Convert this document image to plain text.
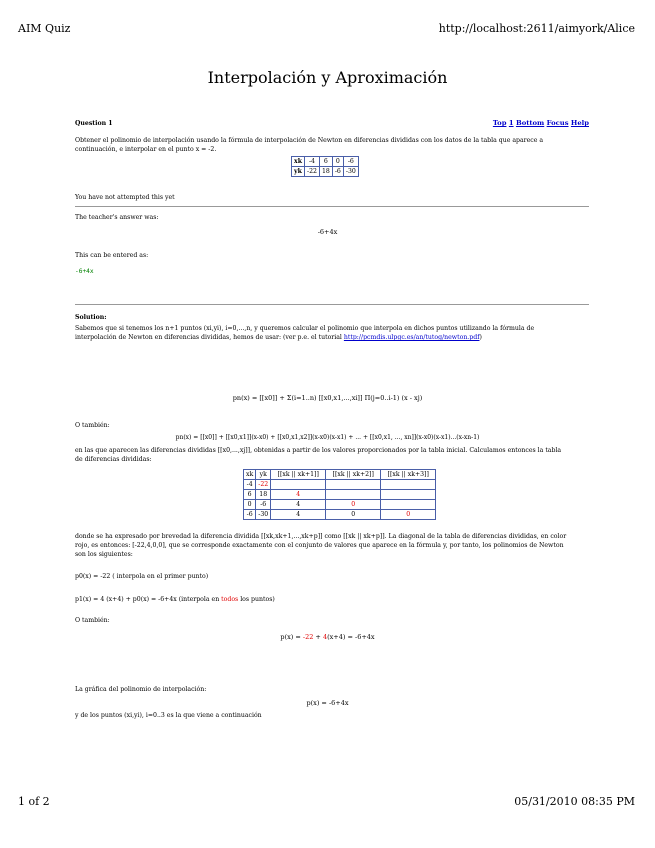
AIM Quiz	http://localhost:2611/aimyork/Alice
Interpolación y Aproximación
Question 1	Top 1 Bottom Focus Help
Obtener el polinomio de interpolación usando la fórmula de interpolación de Newton en diferencias divididas con los datos de la tabla que aparece a continuación, e interpolar en el punto x = -2.
xk	-4	6	0	-6
yk	-22	18	-6	-30
You have not attempted this yet
The teacher's answer was:
-6+4x
This can be entered as:
-6+4x
Solution:
Sabemos que si tenemos los n+1 puntos (xi,yi), i=0,...,n, y queremos calcular el polinomio que interpola en dichos puntos utilizando la fórmula de interpolación de Newton en diferencias divididas, hemos de usar: (ver p.e. el tutorial http://pcmdis.ulpgc.es/an/tutog/newton.pdf)
pn(x) = [[x0]] + Σ(i=1..n) [[x0,x1,...,xi]] Π(j=0..i-1) (x - xj)
O también:
pn(x) = [[x0]] + [[x0,x1]](x-x0) + [[x0,x1,x2]](x-x0)(x-x1) + ... + [[x0,x1, ..., xn]](x-x0)(x-x1)...(x-xn-1)
en las que aparecen las diferencias divididas [[x0,...,xj]], obtenidas a partir de los valores proporcionados por la tabla inicial. Calculamos entonces la tabla de diferencias divididas:
xk	yk	[[xk || xk+1]]	[[xk || xk+2]]	[[xk || xk+3]]
-4	-22			
6	18	4		
0	-6	4	0	
-6	-30	4	0	0
donde se ha expresado por brevedad la diferencia dividida [[xk,xk+1,...,xk+p]] como [[xk || xk+p]]. La diagonal de la tabla de diferencias divididas, en color rojo, es entonces: [-22,4,0,0], que se corresponde exactamente con el conjunto de valores que aparece en la fórmula y, por tanto, los polinomios de Newton son los siguientes:
p0(x) = -22 ( interpola en el primer punto)
p1(x) = 4 (x+4) + p0(x) = -6+4x (interpola en todos los puntos)
O también:
p(x) = -22 + 4(x+4) = -6+4x
La gráfica del polinomio de interpolación:
p(x) = -6+4x
y de los puntos (xi,yi), i=0..3 es la que viene a continuación
1 of 2	05/31/2010 08:35 PM
